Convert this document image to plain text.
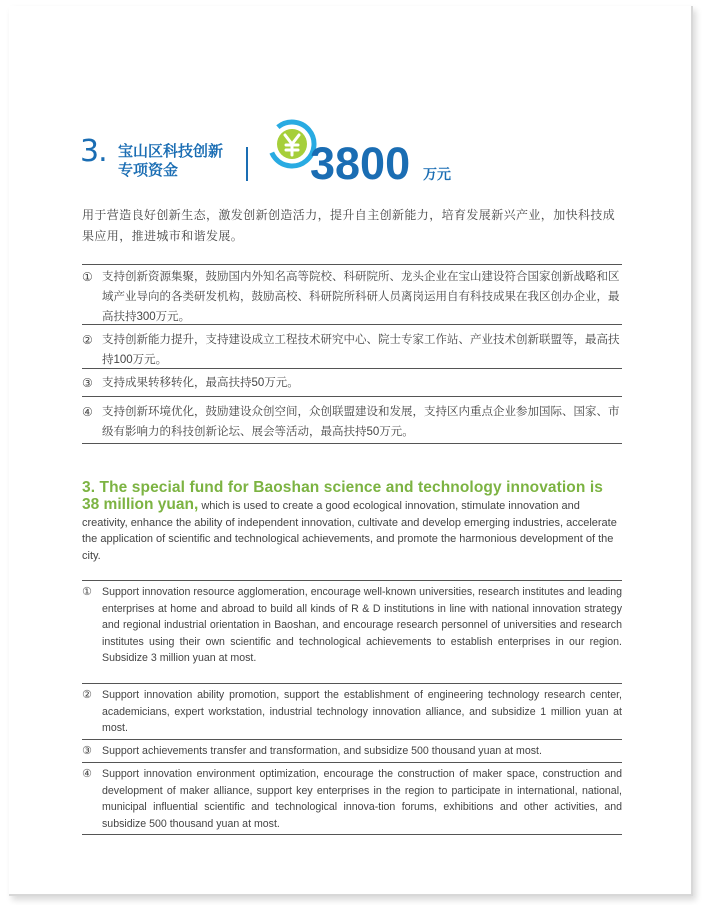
3. 宝山区科技创新
专项资金	3800 万元
用于营造良好创新生态，激发创新创造活力，提升自主创新能力，培育发展新兴产业，加快科技成果应用，推进城市和谐发展。
① 支持创新资源集聚，鼓励国内外知名高等院校、科研院所、龙头企业在宝山建设符合国家创新战略和区域产业导向的各类研发机构，鼓励高校、科研院所科研人员离岗运用自有科技成果在我区创办企业，最高扶持300万元。
② 支持创新能力提升，支持建设成立工程技术研究中心、院士专家工作站、产业技术创新联盟等，最高扶持100万元。
③ 支持成果转移转化，最高扶持50万元。
④ 支持创新环境优化，鼓励建设众创空间，众创联盟建设和发展，支持区内重点企业参加国际、国家、市级有影响力的科技创新论坛、展会等活动，最高扶持50万元。
3. The special fund for Baoshan science and technology innovation is
38 million yuan, which is used to create a good ecological innovation, stimulate innovation and creativity, enhance the ability of independent innovation, cultivate and develop emerging industries, accelerate the application of scientific and technological achievements, and promote the harmonious development of the city.
① Support innovation resource agglomeration, encourage well-known universities, research institutes and leading enterprises at home and abroad to build all kinds of R & D institutions in line with national innovation strategy and regional industrial orientation in Baoshan, and encourage research personnel of universities and research institutes using their own scientific and technological achievements to establish enterprises in our region. Subsidize 3 million yuan at most.
② Support innovation ability promotion, support the establishment of engineering technology research center, academicians, expert workstation, industrial technology innovation alliance, and subsidize 1 million yuan at most.
③ Support achievements transfer and transformation, and subsidize 500 thousand yuan at most.
④ Support innovation environment optimization, encourage the construction of maker space, construction and development of maker alliance, support key enterprises in the region to participate in international, national, municipal influential scientific and technological innova-tion forums, exhibitions and other activities, and subsidize 500 thousand yuan at most.
